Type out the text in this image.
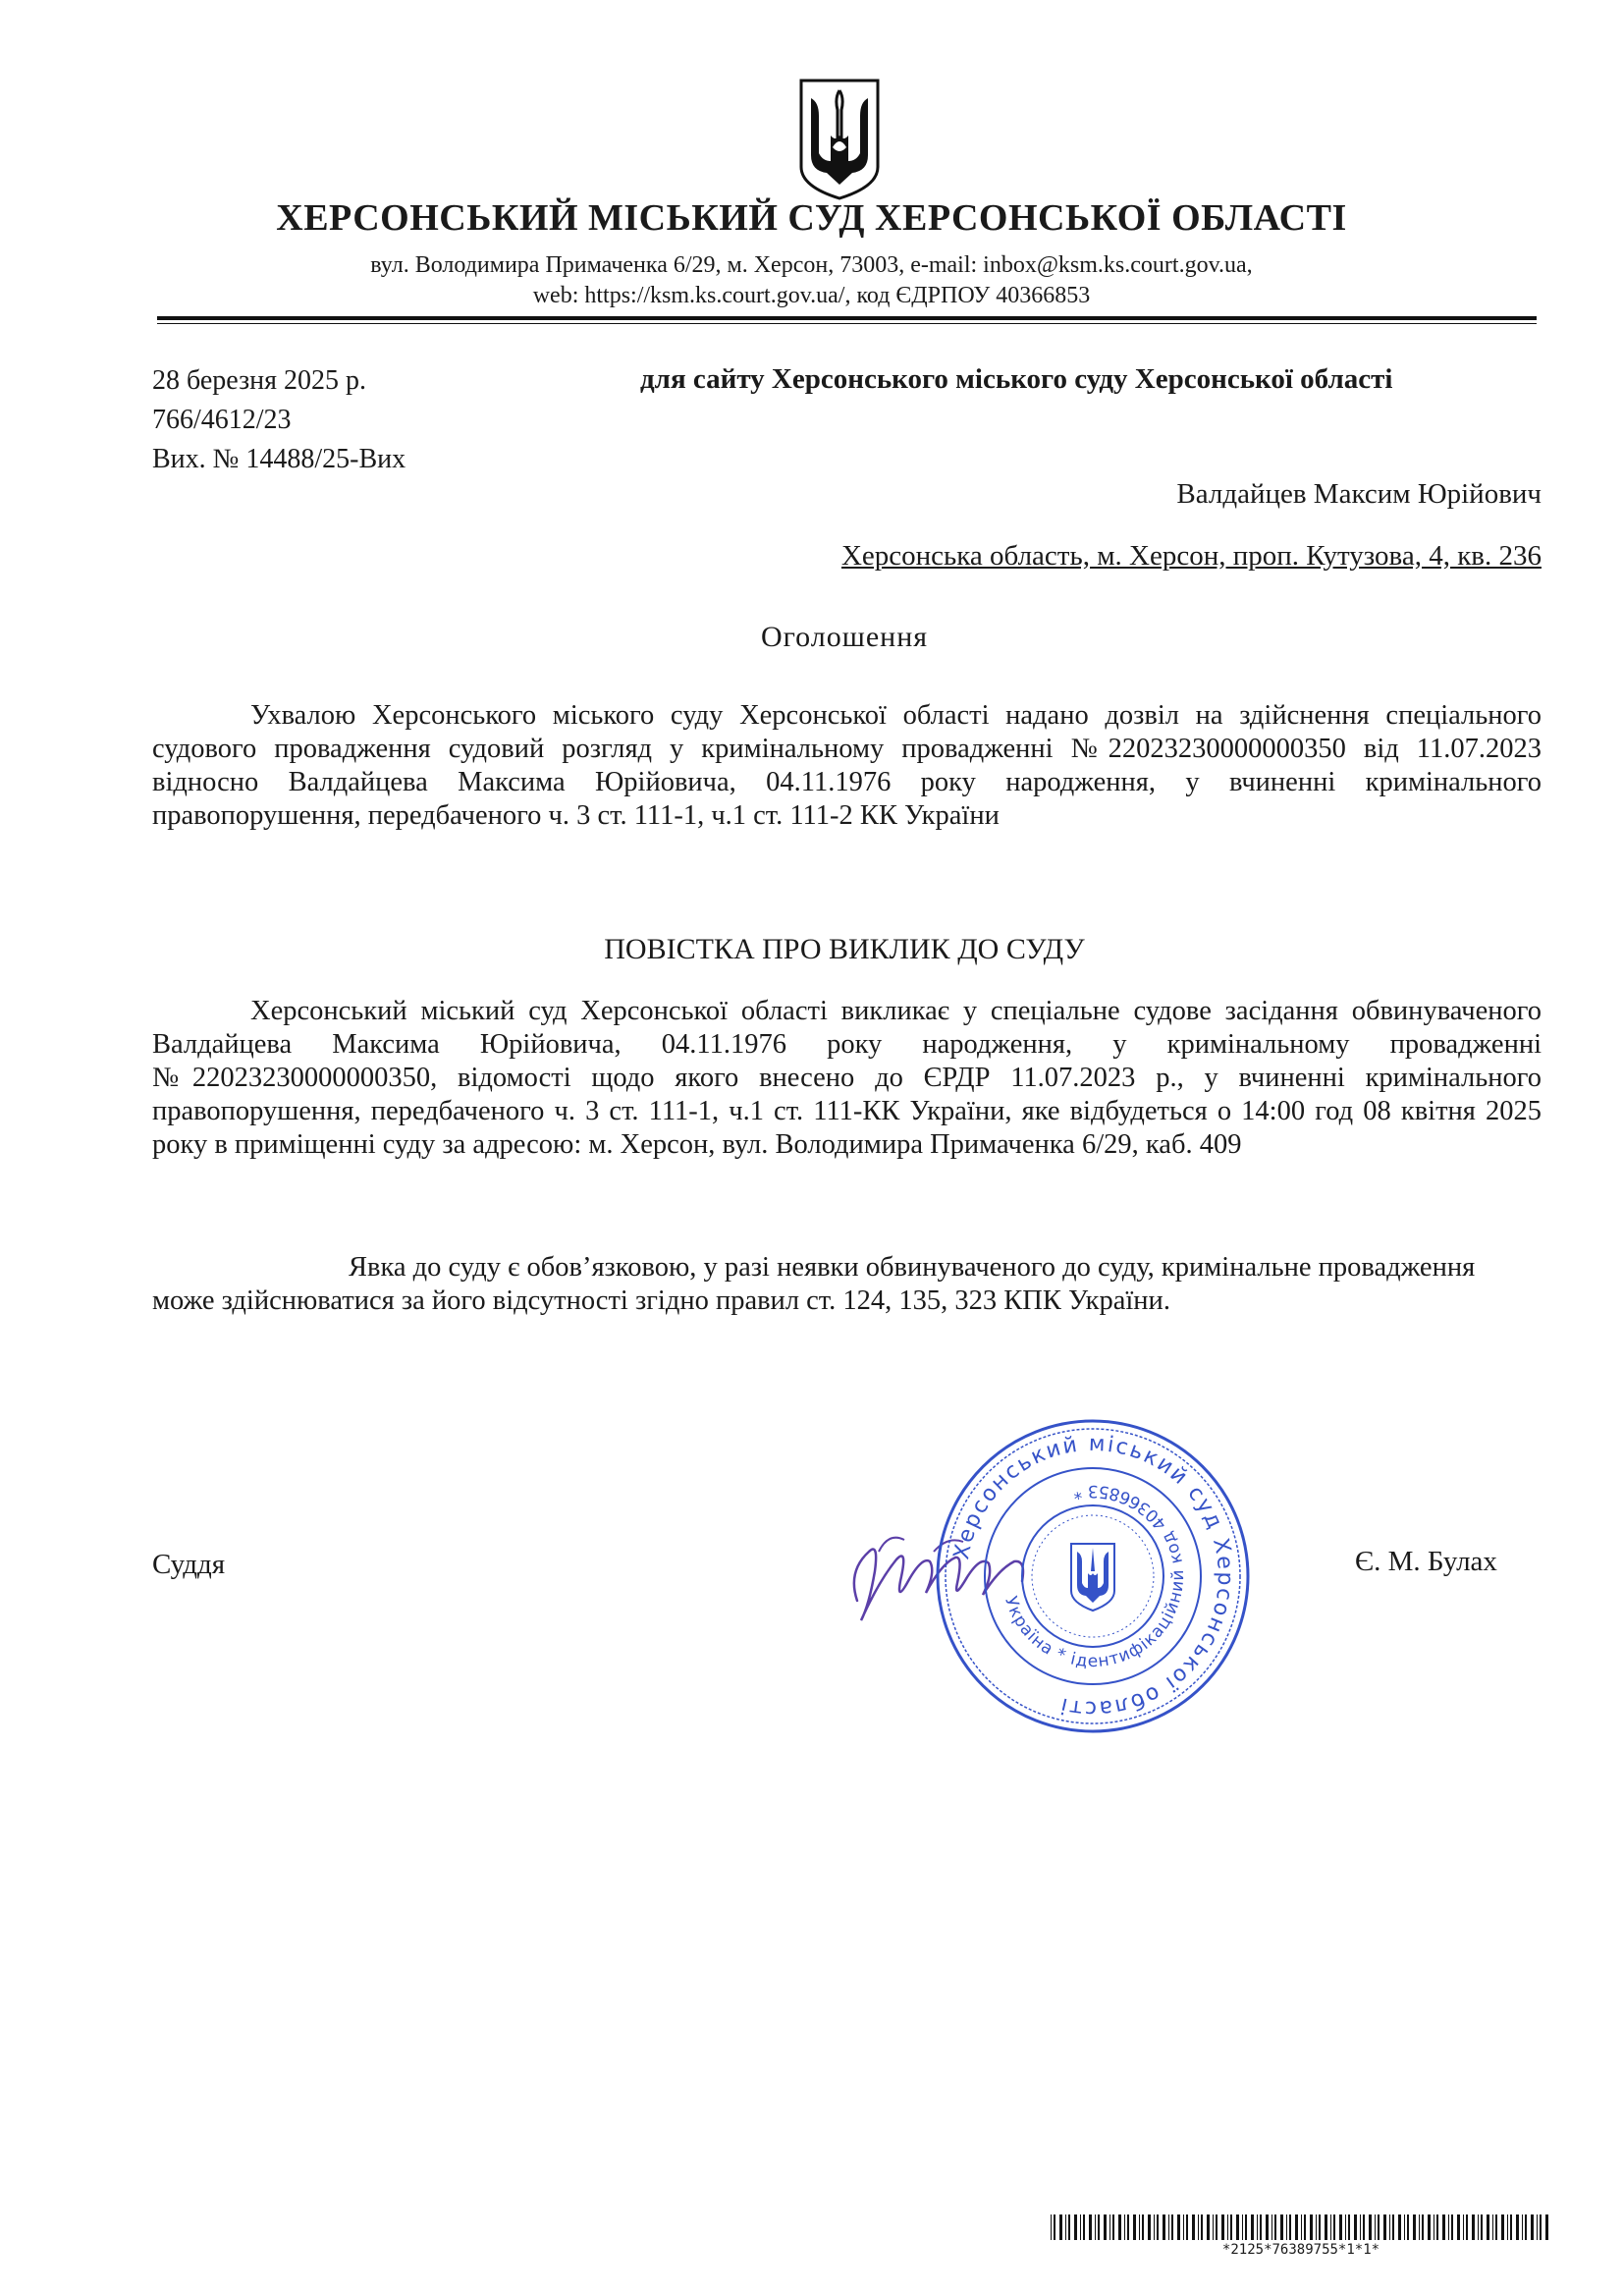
ХЕРСОНСЬКИЙ МІСЬКИЙ СУД ХЕРСОНСЬКОЇ ОБЛАСТІ
вул. Володимира Примаченка 6/29, м. Херсон, 73003, e-mail: inbox@ksm.ks.court.gov.ua,
web: https://ksm.ks.court.gov.ua/, код ЄДРПОУ 40366853
28 березня 2025 р.
766/4612/23
Вих. № 14488/25-Вих
для сайту Херсонського міського суду Херсонської області
Валдайцев Максим Юрійович
Херсонська область, м. Херсон, проп. Кутузова, 4, кв. 236
Оголошення
Ухвалою Херсонського міського суду Херсонської області надано дозвіл на здійснення спеціального судового провадження судовий розгляд у кримінальному провадженні №22023230000000350 від 11.07.2023 відносно Валдайцева Максима Юрійовича, 04.11.1976 року народження, у вчиненні кримінального правопорушення, передбаченого ч. 3 ст. 111-1, ч.1 ст. 111-2 КК України
ПОВІСТКА ПРО ВИКЛИК ДО СУДУ
Херсонський міський суд Херсонської області викликає у спеціальне судове засідання обвинуваченого Валдайцева Максима Юрійовича, 04.11.1976 року народження, у кримінальному провадженні №22023230000000350, відомості щодо якого внесено до ЄРДР 11.07.2023 р., у вчиненні кримінального правопорушення, передбаченого ч. 3 ст. 111-1, ч.1 ст. 111-КК України, яке відбудеться о 14:00 год 08 квітня 2025 року в приміщенні суду за адресою: м. Херсон, вул. Володимира Примаченка 6/29, каб. 409
Явка до суду є обов’язковою, у разі неявки обвинуваченого до суду, кримінальне провадження може здійснюватися за його відсутності згідно правил ст. 124, 135, 323 КПК України.
Суддя	Є. М. Булах
Херсонський міський суд Херсонської області
Україна * ідентифікаційний код 40366853 *
*2125*76389755*1*1*
